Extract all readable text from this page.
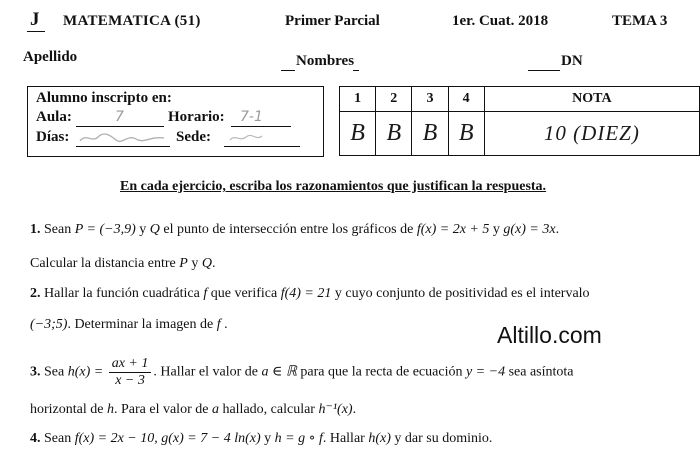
J MATEMATICA (51)	Primer Parcial	1er. Cuat. 2018	TEMA 3
Apellido	Nombres	DN
Alumno inscripto en:
Aula:	7	Horario: 7-1
Días:	Sede:
1	2	3	4	NOTA
B	B	B	B	10 (DIEZ)
En cada ejercicio, escriba los razonamientos que justifican la respuesta.
1. Sean P = (−3,9) y Q el punto de intersección entre los gráficos de f(x) = 2x + 5 y g(x) = 3x.
Calcular la distancia entre P y Q.
2. Hallar la función cuadrática f que verifica f(4) = 21 y cuyo conjunto de positividad es el intervalo
(−3;5). Determinar la imagen de f .
3. Sea $h(x) = \frac{ax + 1}{x - 3}$ . Hallar el valor de a ∈ ℝ para que la recta de ecuación y = −4 sea asíntota
horizontal de h. Para el valor de a hallado, calcular h⁻¹(x).
4. Sean f(x) = 2x − 10, g(x) = 7 − 4 ln(x) y h = g ∘ f. Hallar h(x) y dar su dominio.
Altillo.com
